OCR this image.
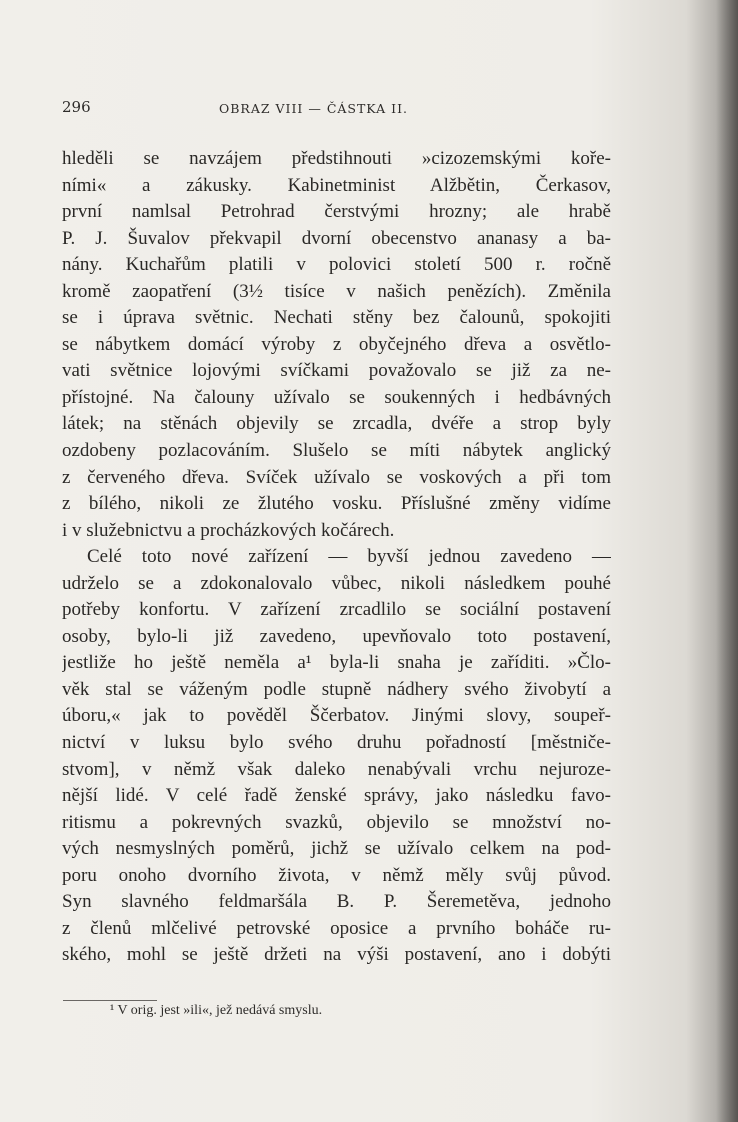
296	OBRAZ VIII — ČÁSTKA II.
hleděli se navzájem předstihnouti »cizozemskými koře-
ními« a zákusky. Kabinetminist Alžbětin, Čerkasov,
první namlsal Petrohrad čerstvými hrozny; ale hrabě
P. J. Šuvalov překvapil dvorní obecenstvo ananasy a ba-
nány. Kuchařům platili v polovici století 500 r. ročně
kromě zaopatření (3½ tisíce v našich penězích). Změnila
se i úprava světnic. Nechati stěny bez čalounů, spokojiti
se nábytkem domácí výroby z obyčejného dřeva a osvětlo-
vati světnice lojovými svíčkami považovalo se již za ne-
přístojné. Na čalouny užívalo se soukenných i hedbávných
látek; na stěnách objevily se zrcadla, dvéře a strop byly
ozdobeny pozlacováním. Slušelo se míti nábytek anglický
z červeného dřeva. Svíček užívalo se voskových a při tom
z bílého, nikoli ze žlutého vosku. Příslušné změny vidíme
i v služebnictvu a procházkových kočárech.
Celé toto nové zařízení — byvší jednou zavedeno —
udrželo se a zdokonalovalo vůbec, nikoli následkem pouhé
potřeby konfortu. V zařízení zrcadlilo se sociální postavení
osoby, bylo-li již zavedeno, upevňovalo toto postavení,
jestliže ho ještě neměla a¹ byla-li snaha je zaříditi. »Člo-
věk stal se váženým podle stupně nádhery svého živobytí a
úboru,« jak to pověděl Ščerbatov. Jinými slovy, soupeř-
nictví v luksu bylo svého druhu pořadností [městniče-
stvom], v němž však daleko nenabývali vrchu nejuroze-
nější lidé. V celé řadě ženské správy, jako následku favo-
ritismu a pokrevných svazků, objevilo se množství no-
vých nesmyslných poměrů, jichž se užívalo celkem na pod-
poru onoho dvorního života, v němž měly svůj původ.
Syn slavného feldmaršála B. P. Šeremetěva, jednoho
z členů mlčelivé petrovské oposice a prvního boháče ru-
ského, mohl se ještě držeti na výši postavení, ano i dobýti
¹ V orig. jest »ili«, jež nedává smyslu.
